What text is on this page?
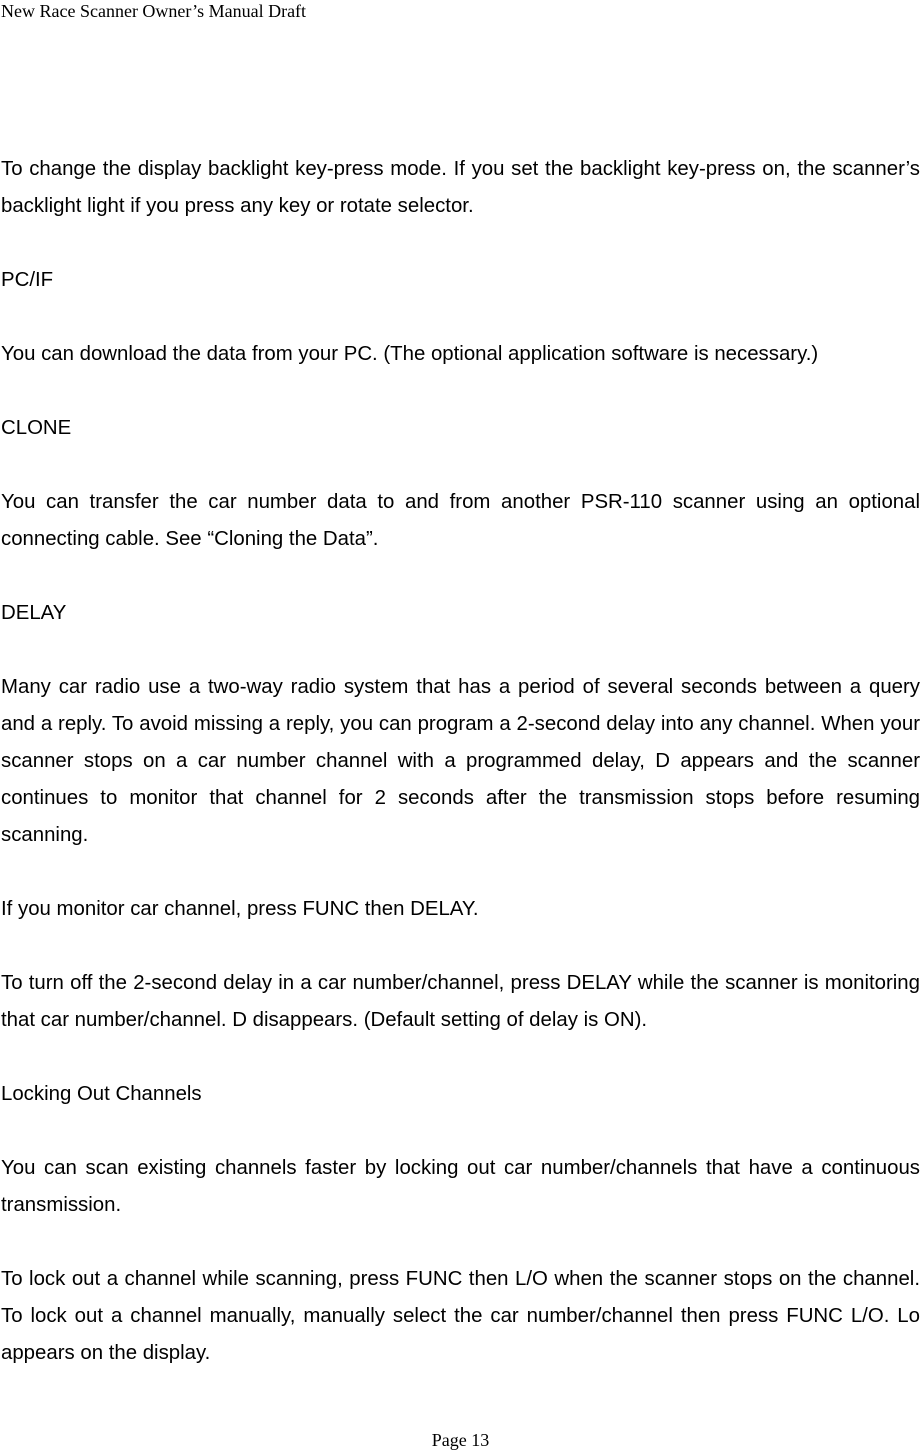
New Race Scanner Owner’s Manual Draft

To change the display backlight key-press mode. If you set the backlight key-press on, the scanner’s backlight light if you press any key or rotate selector.

PC/IF

You can download the data from your PC. (The optional application software is necessary.)

CLONE

You can transfer the car number data to and from another PSR-110 scanner using an optional connecting cable. See “Cloning the Data”.

DELAY

Many car radio use a two-way radio system that has a period of several seconds between a query and a reply. To avoid missing a reply, you can program a 2-second delay into any channel. When your scanner stops on a car number channel with a programmed delay, D appears and the scanner continues to monitor that channel for 2 seconds after the transmission stops before resuming scanning.

If you monitor car channel, press FUNC then DELAY.

To turn off the 2-second delay in a car number/channel, press DELAY while the scanner is monitoring that car number/channel. D disappears. (Default setting of delay is ON).

Locking Out Channels

You can scan existing channels faster by locking out car number/channels that have a continuous transmission.

To lock out a channel while scanning, press FUNC then L/O when the scanner stops on the channel. To lock out a channel manually, manually select the car number/channel then press FUNC L/O. Lo appears on the display.

Page 13
